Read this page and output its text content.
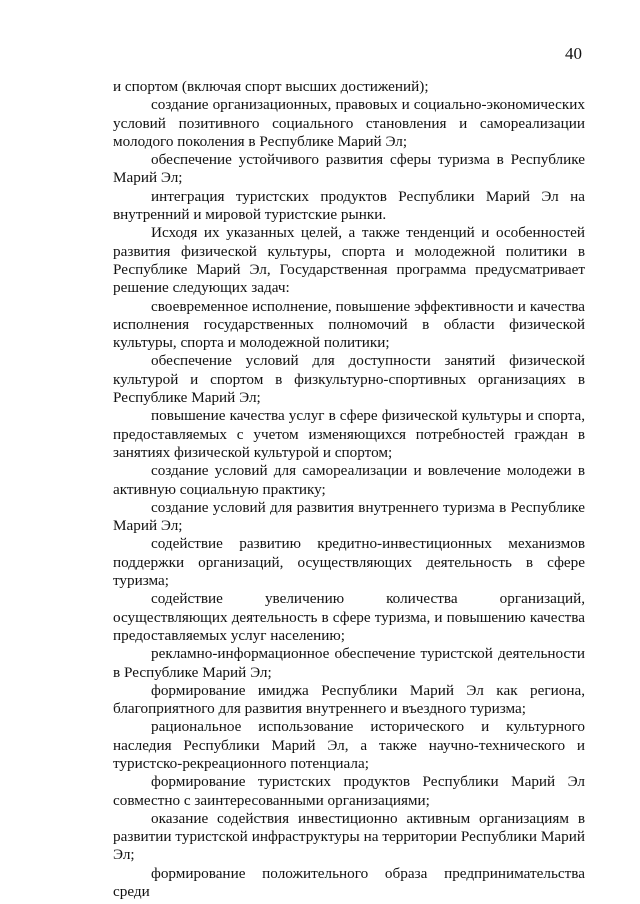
40

и спортом (включая спорт высших достижений);

создание организационных, правовых и социально-экономических условий позитивного социального становления и самореализации молодого поколения в Республике Марий Эл;

обеспечение устойчивого развития сферы туризма в Республике Марий Эл;

интеграция туристских продуктов Республики Марий Эл на внутренний и мировой туристские рынки.

Исходя их указанных целей, а также тенденций и особенностей развития физической культуры, спорта и молодежной политики в Республике Марий Эл, Государственная программа предусматривает решение следующих задач:

своевременное исполнение, повышение эффективности и качества исполнения государственных полномочий в области физической культуры, спорта и молодежной политики;

обеспечение условий для доступности занятий физической культурой и спортом в физкультурно-спортивных организациях в Республике Марий Эл;

повышение качества услуг в сфере физической культуры и спорта, предоставляемых с учетом изменяющихся потребностей граждан в занятиях физической культурой и спортом;

создание условий для самореализации и вовлечение молодежи в активную социальную практику;

создание условий для развития внутреннего туризма в Республике Марий Эл;

содействие развитию кредитно-инвестиционных механизмов поддержки организаций, осуществляющих деятельность в сфере туризма;

содействие увеличению количества организаций, осуществляющих деятельность в сфере туризма, и повышению качества предоставляемых услуг населению;

рекламно-информационное обеспечение туристской деятельности в Республике Марий Эл;

формирование имиджа Республики Марий Эл как региона, благоприятного для развития внутреннего и въездного туризма;

рациональное использование исторического и культурного наследия Республики Марий Эл, а также научно-технического и туристско-рекреационного потенциала;

формирование туристских продуктов Республики Марий Эл совместно с заинтересованными организациями;

оказание содействия инвестиционно активным организациям в развитии туристской инфраструктуры на территории Республики Марий Эл;

формирование положительного образа предпринимательства среди
